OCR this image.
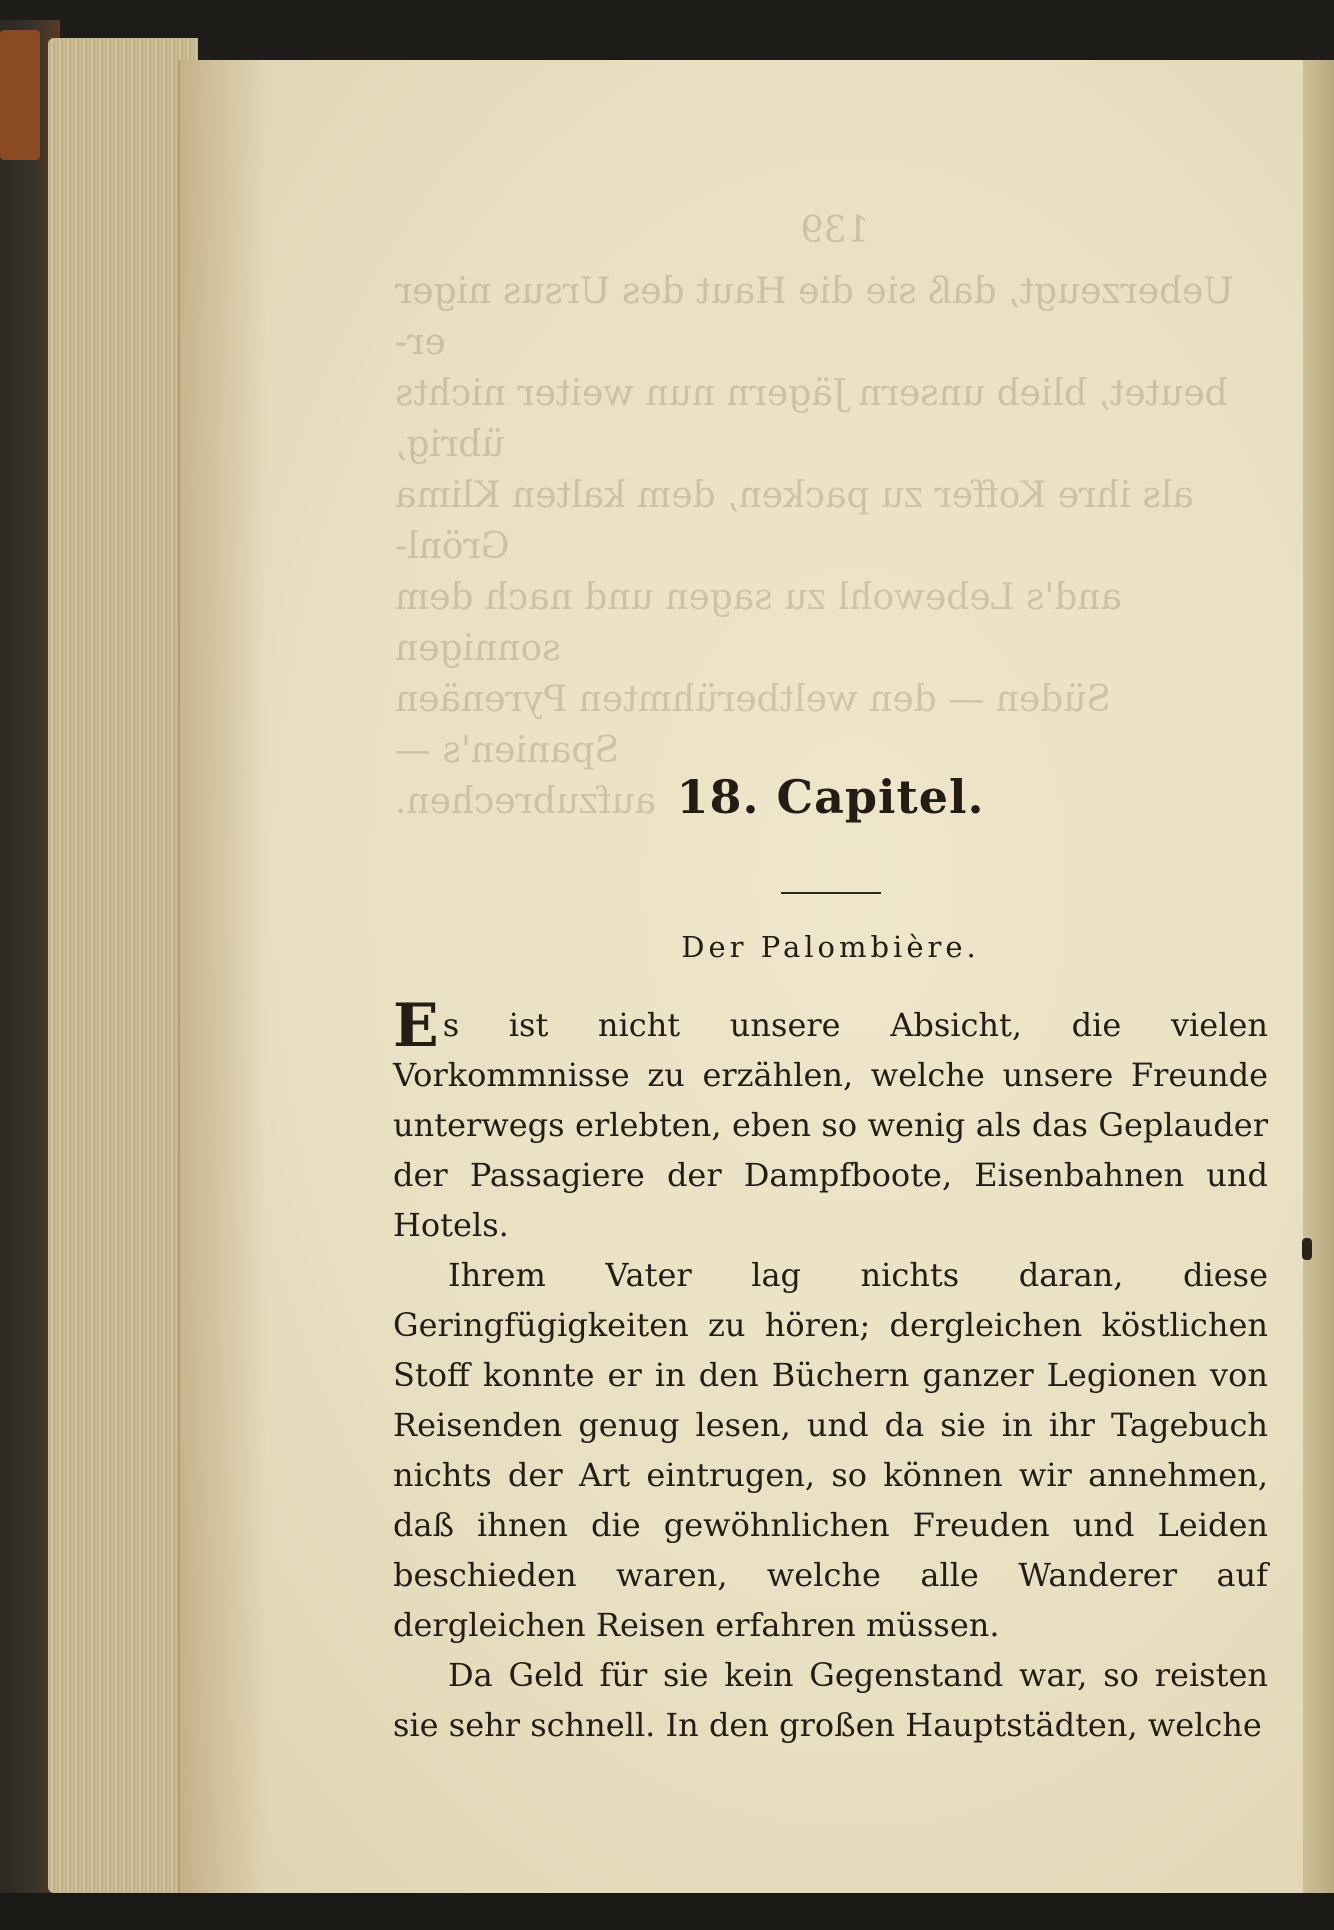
139
Ueberzeugt, daß sie die Haut des Ursus niger er-
beutet, blieb unsern Jägern nun weiter nichts übrig,
als ihre Koffer zu packen, dem kalten Klima Grönl-
and's Lebewohl zu sagen und nach dem sonnigen
Süden — den weltberühmten Pyrenäen Spanien's —
aufzubrechen. 18. Capitel.
Der Palombière.

Es ist nicht unsere Absicht, die vielen Vorkommnisse zu erzählen, welche unsere Freunde unterwegs erlebten, eben so wenig als das Geplauder der Passagiere der Dampfboote, Eisenbahnen und Hotels.

Ihrem Vater lag nichts daran, diese Geringfügigkeiten zu hören; dergleichen köstlichen Stoff konnte er in den Büchern ganzer Legionen von Reisenden genug lesen, und da sie in ihr Tagebuch nichts der Art eintrugen, so können wir annehmen, daß ihnen die gewöhnlichen Freuden und Leiden beschieden waren, welche alle Wanderer auf dergleichen Reisen erfahren müssen.

Da Geld für sie kein Gegenstand war, so reisten sie sehr schnell. In den großen Hauptstädten, welche
